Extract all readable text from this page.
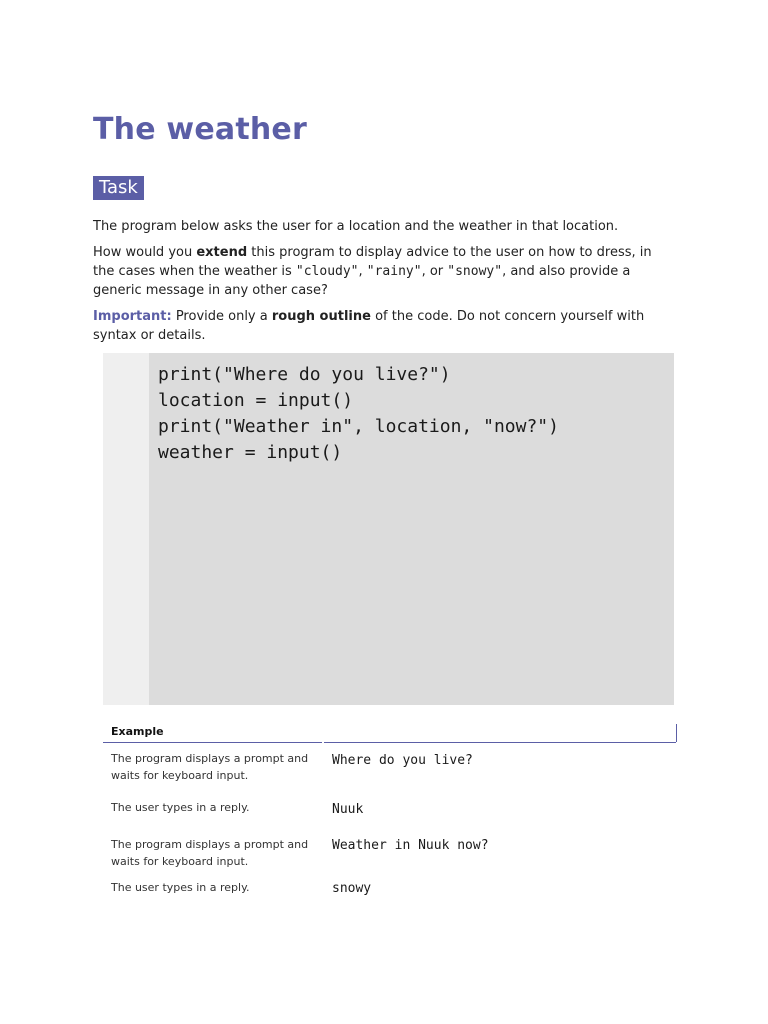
The weather
Task

The program below asks the user for a location and the weather in that location.

How would you extend this program to display advice to the user on how to dress, in the cases when the weather is "cloudy", "rainy", or "snowy", and also provide a generic message in any other case?

Important: Provide only a rough outline of the code. Do not concern yourself with syntax or details.

print("Where do you live?")
location = input()
print("Weather in", location, "now?")
weather = input()
Example
The program displays a prompt and waits for keyboard input.
Where do you live?
The user types in a reply.	Nuuk
The program displays a prompt and waits for keyboard input.
Weather in Nuuk now?
The user types in a reply.	snowy
